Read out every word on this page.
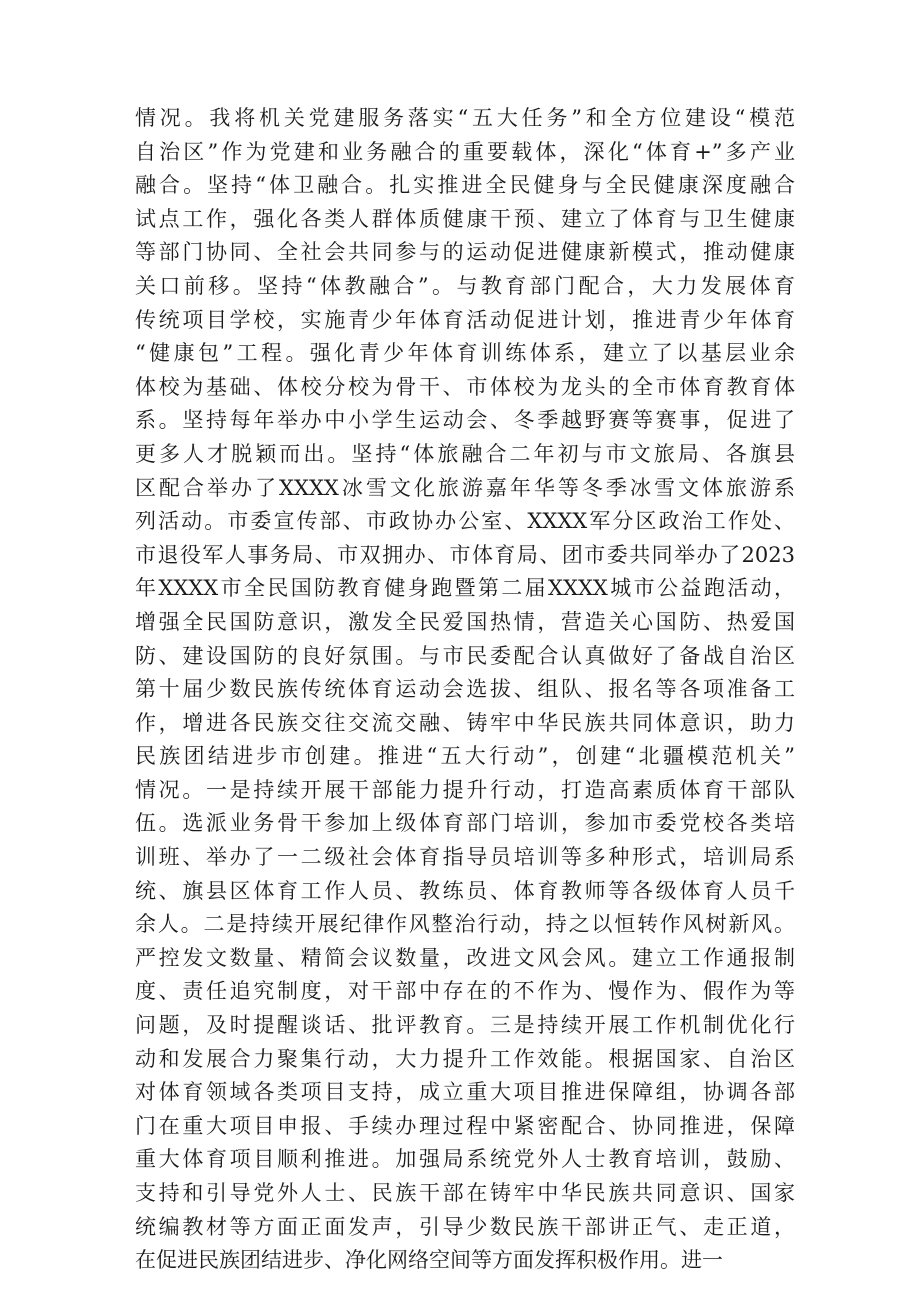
情况。我将机关党建服务落实“五大任务”和全方位建设“模范
自治区”作为党建和业务融合的重要载体，深化“体育+”多产业
融合。坚持“体卫融合。扎实推进全民健身与全民健康深度融合
试点工作，强化各类人群体质健康干预、建立了体育与卫生健康
等部门协同、全社会共同参与的运动促进健康新模式，推动健康
关口前移。坚持“体教融合”。与教育部门配合，大力发展体育
传统项目学校，实施青少年体育活动促进计划，推进青少年体育
“健康包”工程。强化青少年体育训练体系，建立了以基层业余
体校为基础、体校分校为骨干、市体校为龙头的全市体育教育体
系。坚持每年举办中小学生运动会、冬季越野赛等赛事，促进了
更多人才脱颖而出。坚持“体旅融合二年初与市文旅局、各旗县
区配合举办了XXXX冰雪文化旅游嘉年华等冬季冰雪文体旅游系
列活动。市委宣传部、市政协办公室、XXXX军分区政治工作处、
市退役军人事务局、市双拥办、市体育局、团市委共同举办了2023
年XXXX市全民国防教育健身跑暨第二届XXXX城市公益跑活动，
增强全民国防意识，激发全民爱国热情，营造关心国防、热爱国
防、建设国防的良好氛围。与市民委配合认真做好了备战自治区
第十届少数民族传统体育运动会选拔、组队、报名等各项准备工
作，增进各民族交往交流交融、铸牢中华民族共同体意识，助力
民族团结进步市创建。推进“五大行动”，创建“北疆模范机关”
情况。一是持续开展干部能力提升行动，打造高素质体育干部队
伍。选派业务骨干参加上级体育部门培训，参加市委党校各类培
训班、举办了一二级社会体育指导员培训等多种形式，培训局系
统、旗县区体育工作人员、教练员、体育教师等各级体育人员千
余人。二是持续开展纪律作风整治行动，持之以恒转作风树新风。
严控发文数量、精简会议数量，改进文风会风。建立工作通报制
度、责任追究制度，对干部中存在的不作为、慢作为、假作为等
问题，及时提醒谈话、批评教育。三是持续开展工作机制优化行
动和发展合力聚集行动，大力提升工作效能。根据国家、自治区
对体育领域各类项目支持，成立重大项目推进保障组，协调各部
门在重大项目申报、手续办理过程中紧密配合、协同推进，保障
重大体育项目顺利推进。加强局系统党外人士教育培训，鼓励、
支持和引导党外人士、民族干部在铸牢中华民族共同意识、国家
统编教材等方面正面发声，引导少数民族干部讲正气、走正道，
在促进民族团结进步、净化网络空间等方面发挥积极作用。进一
